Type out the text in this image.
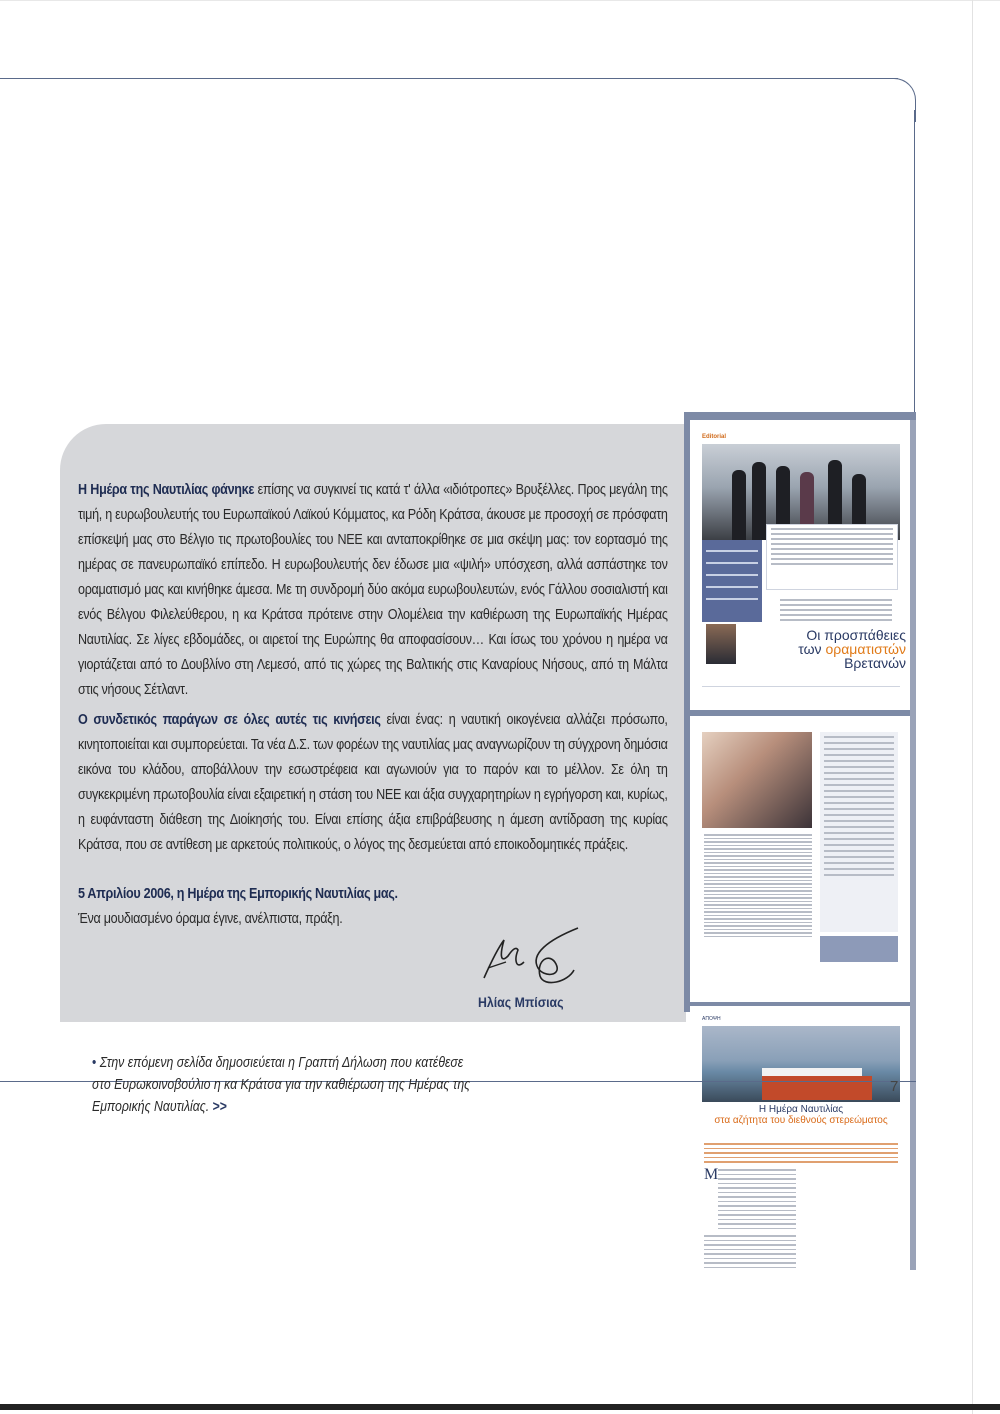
Editorial
Οι προσπάθειες
των οραματιστών
Βρετανών
ΑΠΟΨΗ
Η Ημέρα Ναυτιλίας
στα αζήτητα του διεθνούς στερεώματος
Μ

Η Ημέρα της Ναυτιλίας φάνηκε επίσης να συγκινεί τις κατά τ' άλλα «ιδιότροπες» Βρυξέλλες. Προς μεγάλη της τιμή, η ευρωβουλευτής του Ευρωπαϊκού Λαϊκού Κόμματος, κα Ρόδη Κράτσα, άκουσε με προσοχή σε πρόσφατη επίσκεψή μας στο Βέλγιο τις πρωτοβουλίες του ΝΕΕ και ανταποκρίθηκε σε μια σκέψη μας: τον εορτασμό της ημέρας σε πανευρωπαϊκό επίπεδο. Η ευρωβουλευτής δεν έδωσε μια «ψιλή» υπόσχεση, αλλά ασπάστηκε τον οραματισμό μας και κινήθηκε άμεσα. Με τη συνδρομή δύο ακόμα ευρωβουλευτών, ενός Γάλλου σοσιαλιστή και ενός Βέλγου Φιλελεύθερου, η κα Κράτσα πρότεινε στην Ολομέλεια την καθιέρωση της Ευρωπαϊκής Ημέρας Ναυτιλίας. Σε λίγες εβδομάδες, οι αιρετοί της Ευρώπης θα αποφασίσουν… Και ίσως του χρόνου η ημέρα να γιορτάζεται από το Δουβλίνο στη Λεμεσό, από τις χώρες της Βαλτικής στις Καναρίους Νήσους, από τη Μάλτα στις νήσους Σέτλαντ.

Ο συνδετικός παράγων σε όλες αυτές τις κινήσεις είναι ένας: η ναυτική οικογένεια αλλάζει πρόσωπο, κινητοποιείται και συμπορεύεται. Τα νέα Δ.Σ. των φορέων της ναυτιλίας μας αναγνωρίζουν τη σύγχρονη δημόσια εικόνα του κλάδου, αποβάλλουν την εσωστρέφεια και αγωνιούν για το παρόν και το μέλλον. Σε όλη τη συγκεκριμένη πρωτοβουλία είναι εξαιρετική η στάση του ΝΕΕ και άξια συγχαρητηρίων η εγρήγορση και, κυρίως, η ευφάνταστη διάθεση της Διοίκησής του. Είναι επίσης άξια επιβράβευσης η άμεση αντίδραση της κυρίας Κράτσα, που σε αντίθεση με αρκετούς πολιτικούς, ο λόγος της δεσμεύεται από εποικοδομητικές πράξεις.

5 Απριλίου 2006, η Ημέρα της Εμπορικής Ναυτιλίας μας.
Ένα μουδιασμένο όραμα έγινε, ανέλπιστα, πράξη.

Ηλίας Μπίσιας
• Στην επόμενη σελίδα δημοσιεύεται η Γραπτή Δήλωση που κατέθεσε στο Ευρωκοινοβούλιο η κα Κράτσα για την καθιέρωση της Ημέρας της Εμπορικής Ναυτιλίας. >>
7
